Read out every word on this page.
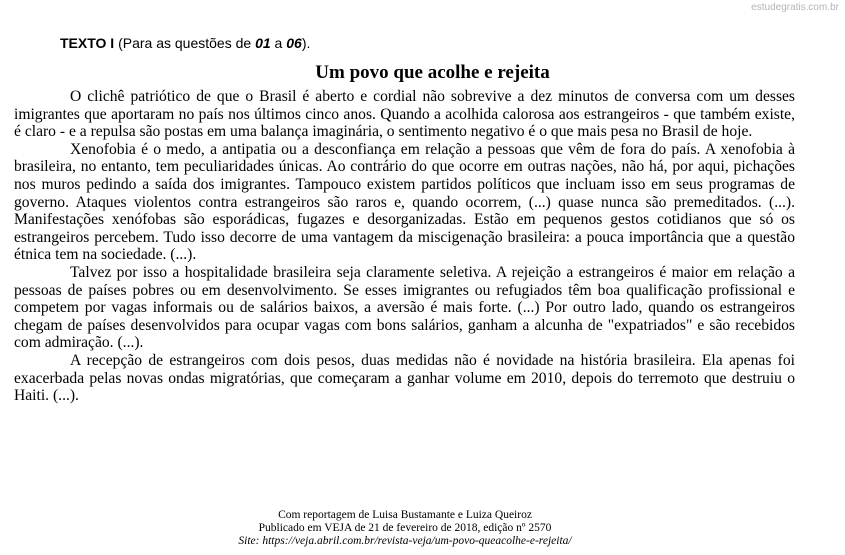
estudegratis.com.br
TEXTO I (Para as questões de 01 a 06).
Um povo que acolhe e rejeita

O clichê patriótico de que o Brasil é aberto e cordial não sobrevive a dez minutos de conversa com um desses imigrantes que aportaram no país nos últimos cinco anos. Quando a acolhida calorosa aos estrangeiros - que também existe, é claro - e a repulsa são postas em uma balança imaginária, o sentimento negativo é o que mais pesa no Brasil de hoje.

Xenofobia é o medo, a antipatia ou a desconfiança em relação a pessoas que vêm de fora do país. A xenofobia à brasileira, no entanto, tem peculiaridades únicas. Ao contrário do que ocorre em outras nações, não há, por aqui, pichações nos muros pedindo a saída dos imigrantes. Tampouco existem partidos políticos que incluam isso em seus programas de governo. Ataques violentos contra estrangeiros são raros e, quando ocorrem, (...) quase nunca são premeditados. (...). Manifestações xenófobas são esporádicas, fugazes e desorganizadas. Estão em pequenos gestos cotidianos que só os estrangeiros percebem. Tudo isso decorre de uma vantagem da miscigenação brasileira: a pouca importância que a questão étnica tem na sociedade. (...).

Talvez por isso a hospitalidade brasileira seja claramente seletiva. A rejeição a estrangeiros é maior em relação a pessoas de países pobres ou em desenvolvimento. Se esses imigrantes ou refugiados têm boa qualificação profissional e competem por vagas informais ou de salários baixos, a aversão é mais forte. (...) Por outro lado, quando os estrangeiros chegam de países desenvolvidos para ocupar vagas com bons salários, ganham a alcunha de "expatriados" e são recebidos com admiração. (...).

A recepção de estrangeiros com dois pesos, duas medidas não é novidade na história brasileira. Ela apenas foi exacerbada pelas novas ondas migratórias, que começaram a ganhar volume em 2010, depois do terremoto que destruiu o Haiti. (...).

Com reportagem de Luisa Bustamante e Luiza Queiroz
Publicado em VEJA de 21 de fevereiro de 2018, edição nº 2570
Site: https://veja.abril.com.br/revista-veja/um-povo-queacolhe-e-rejeita/
